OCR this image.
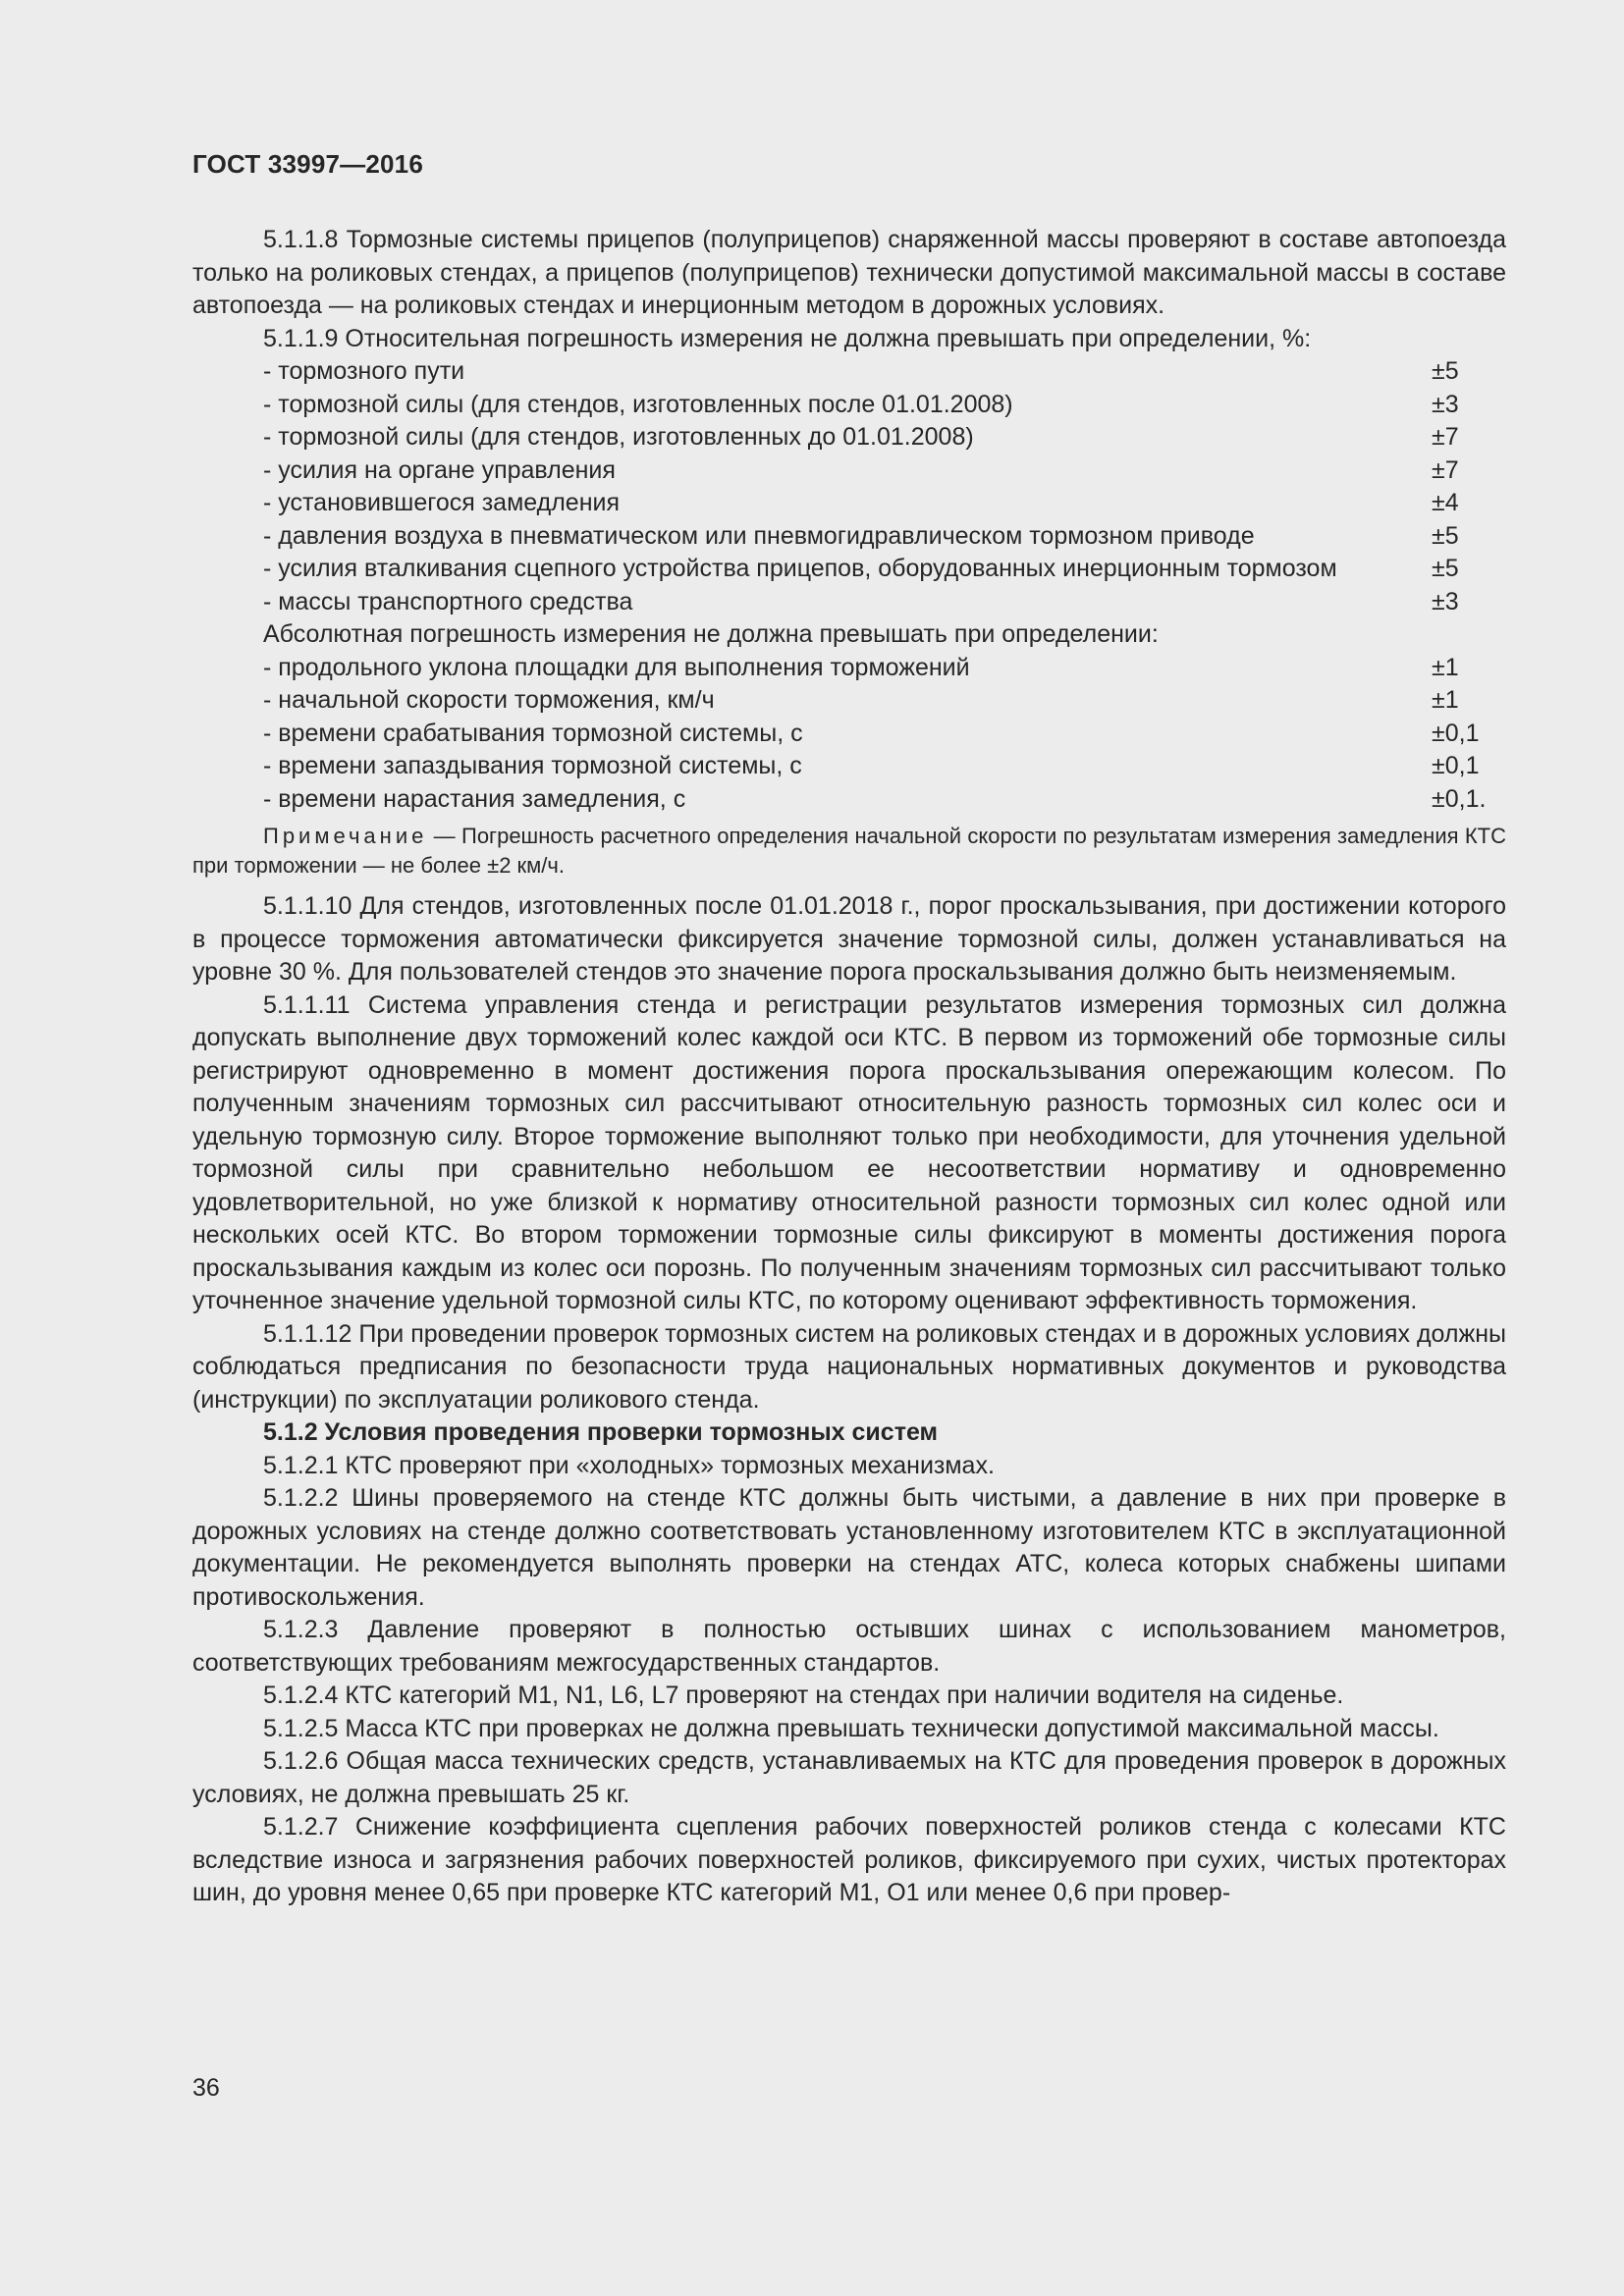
ГОСТ 33997—2016

5.1.1.8 Тормозные системы прицепов (полуприцепов) снаряженной массы проверяют в составе автопоезда только на роликовых стендах, а прицепов (полуприцепов) технически допустимой максимальной массы в составе автопоезда — на роликовых стендах и инерционным методом в дорожных условиях.

5.1.1.9 Относительная погрешность измерения не должна превышать при определении, %:

- тормозного пути	±5
- тормозной силы (для стендов, изготовленных после 01.01.2008)	±3
- тормозной силы (для стендов, изготовленных до 01.01.2008)	±7
- усилия на органе управления	±7
- установившегося замедления	±4
- давления воздуха в пневматическом или пневмогидравлическом тормозном приводе	±5
- усилия вталкивания сцепного устройства прицепов, оборудованных инерционным тормозом	±5
- массы транспортного средства	±3

Абсолютная погрешность измерения не должна превышать при определении:

- продольного уклона площадки для выполнения торможений	±1
- начальной скорости торможения, км/ч	±1
- времени срабатывания тормозной системы, с	±0,1
- времени запаздывания тормозной системы, с	±0,1
- времени нарастания замедления, с	±0,1.

Примечание — Погрешность расчетного определения начальной скорости по результатам измерения замедления КТС при торможении — не более ±2 км/ч.

5.1.1.10 Для стендов, изготовленных после 01.01.2018 г., порог проскальзывания, при достижении которого в процессе торможения автоматически фиксируется значение тормозной силы, должен устанавливаться на уровне 30 %. Для пользователей стендов это значение порога проскальзывания должно быть неизменяемым.

5.1.1.11 Система управления стенда и регистрации результатов измерения тормозных сил должна допускать выполнение двух торможений колес каждой оси КТС. В первом из торможений обе тормозные силы регистрируют одновременно в момент достижения порога проскальзывания опережающим колесом. По полученным значениям тормозных сил рассчитывают относительную разность тормозных сил колес оси и удельную тормозную силу. Второе торможение выполняют только при необходимости, для уточнения удельной тормозной силы при сравнительно небольшом ее несоответствии нормативу и одновременно удовлетворительной, но уже близкой к нормативу относительной разности тормозных сил колес одной или нескольких осей КТС. Во втором торможении тормозные силы фиксируют в моменты достижения порога проскальзывания каждым из колес оси порознь. По полученным значениям тормозных сил рассчитывают только уточненное значение удельной тормозной силы КТС, по которому оценивают эффективность торможения.

5.1.1.12 При проведении проверок тормозных систем на роликовых стендах и в дорожных условиях должны соблюдаться предписания по безопасности труда национальных нормативных документов и руководства (инструкции) по эксплуатации роликового стенда.

5.1.2 Условия проведения проверки тормозных систем

5.1.2.1 КТС проверяют при «холодных» тормозных механизмах.

5.1.2.2 Шины проверяемого на стенде КТС должны быть чистыми, а давление в них при проверке в дорожных условиях на стенде должно соответствовать установленному изготовителем КТС в эксплуатационной документации. Не рекомендуется выполнять проверки на стендах АТС, колеса которых снабжены шипами противоскольжения.

5.1.2.3 Давление проверяют в полностью остывших шинах с использованием манометров, соответствующих требованиям межгосударственных стандартов.

5.1.2.4 КТС категорий M1, N1, L6, L7 проверяют на стендах при наличии водителя на сиденье.

5.1.2.5 Масса КТС при проверках не должна превышать технически допустимой максимальной массы.

5.1.2.6 Общая масса технических средств, устанавливаемых на КТС для проведения проверок в дорожных условиях, не должна превышать 25 кг.

5.1.2.7 Снижение коэффициента сцепления рабочих поверхностей роликов стенда с колесами КТС вследствие износа и загрязнения рабочих поверхностей роликов, фиксируемого при сухих, чистых протекторах шин, до уровня менее 0,65 при проверке КТС категорий M1, O1 или менее 0,6 при провер-

36
